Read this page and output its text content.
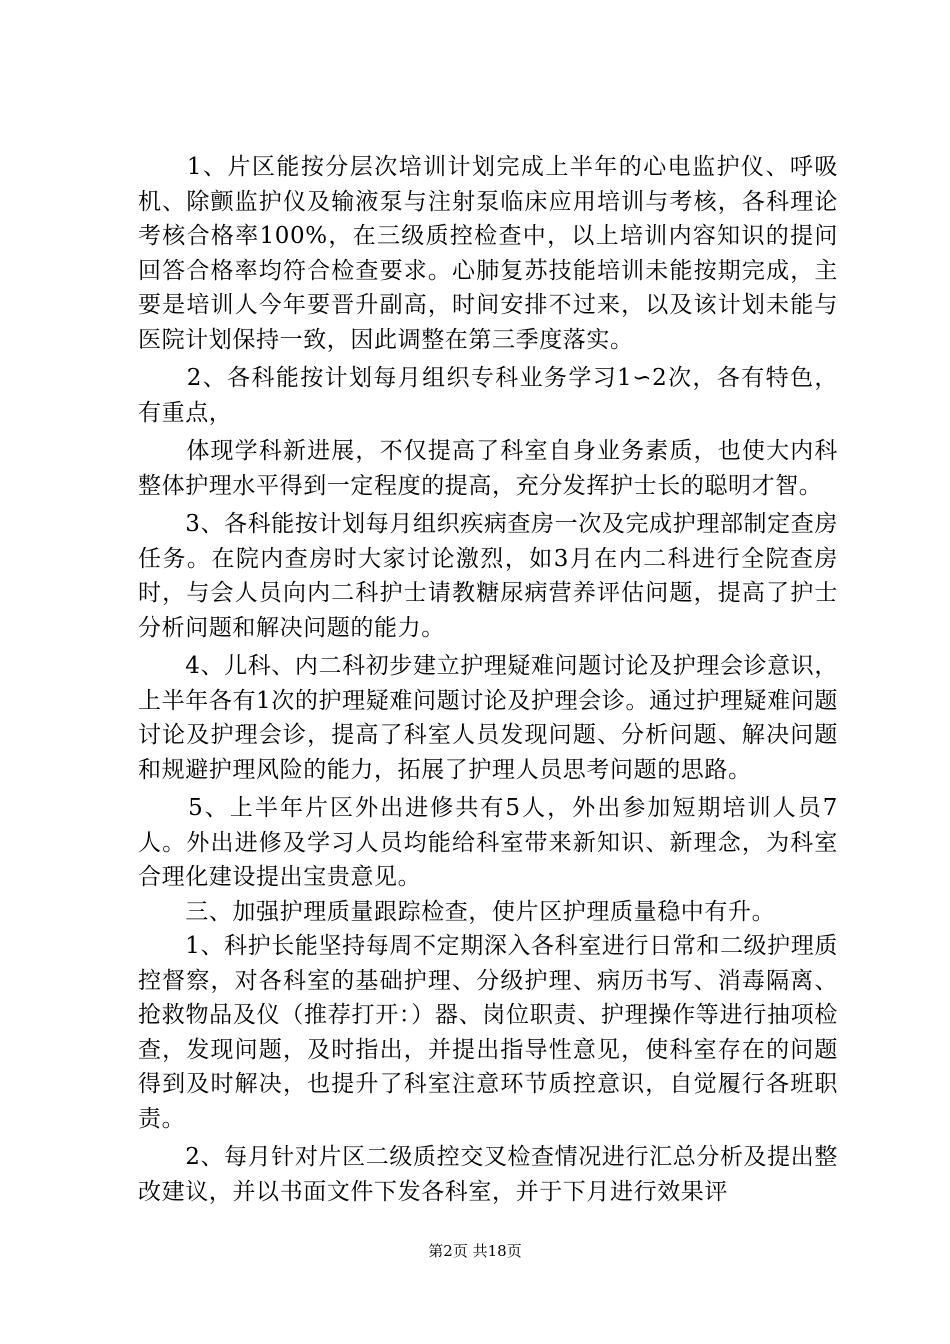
　　1、片区能按分层次培训计划完成上半年的心电监护仪、呼吸机、除颤监护仪及输液泵与注射泵临床应用培训与考核，各科理论考核合格率100%，在三级质控检查中，以上培训内容知识的提问回答合格率均符合检查要求。心肺复苏技能培训未能按期完成，主要是培训人今年要晋升副高，时间安排不过来，以及该计划未能与医院计划保持一致，因此调整在第三季度落实。

　　2、各科能按计划每月组织专科业务学习1∽2次，各有特色，有重点，

　　体现学科新进展，不仅提高了科室自身业务素质，也使大内科整体护理水平得到一定程度的提高，充分发挥护士长的聪明才智。

　　3、各科能按计划每月组织疾病查房一次及完成护理部制定查房任务。在院内查房时大家讨论激烈，如3月在内二科进行全院查房时，与会人员向内二科护士请教糖尿病营养评估问题，提高了护士分析问题和解决问题的能力。

　　4、儿科、内二科初步建立护理疑难问题讨论及护理会诊意识，上半年各有1次的护理疑难问题讨论及护理会诊。通过护理疑难问题讨论及护理会诊，提高了科室人员发现问题、分析问题、解决问题和规避护理风险的能力，拓展了护理人员思考问题的思路。

　　5、上半年片区外出进修共有5人，外出参加短期培训人员7人。外出进修及学习人员均能给科室带来新知识、新理念，为科室合理化建设提出宝贵意见。

　　三、加强护理质量跟踪检查，使片区护理质量稳中有升。

　　1、科护长能坚持每周不定期深入各科室进行日常和二级护理质控督察，对各科室的基础护理、分级护理、病历书写、消毒隔离、抢救物品及仪（推荐打开：）器、岗位职责、护理操作等进行抽项检查，发现问题，及时指出，并提出指导性意见，使科室存在的问题得到及时解决，也提升了科室注意环节质控意识，自觉履行各班职责。

　　2、每月针对片区二级质控交叉检查情况进行汇总分析及提出整改建议，并以书面文件下发各科室，并于下月进行效果评

第2页 共18页
